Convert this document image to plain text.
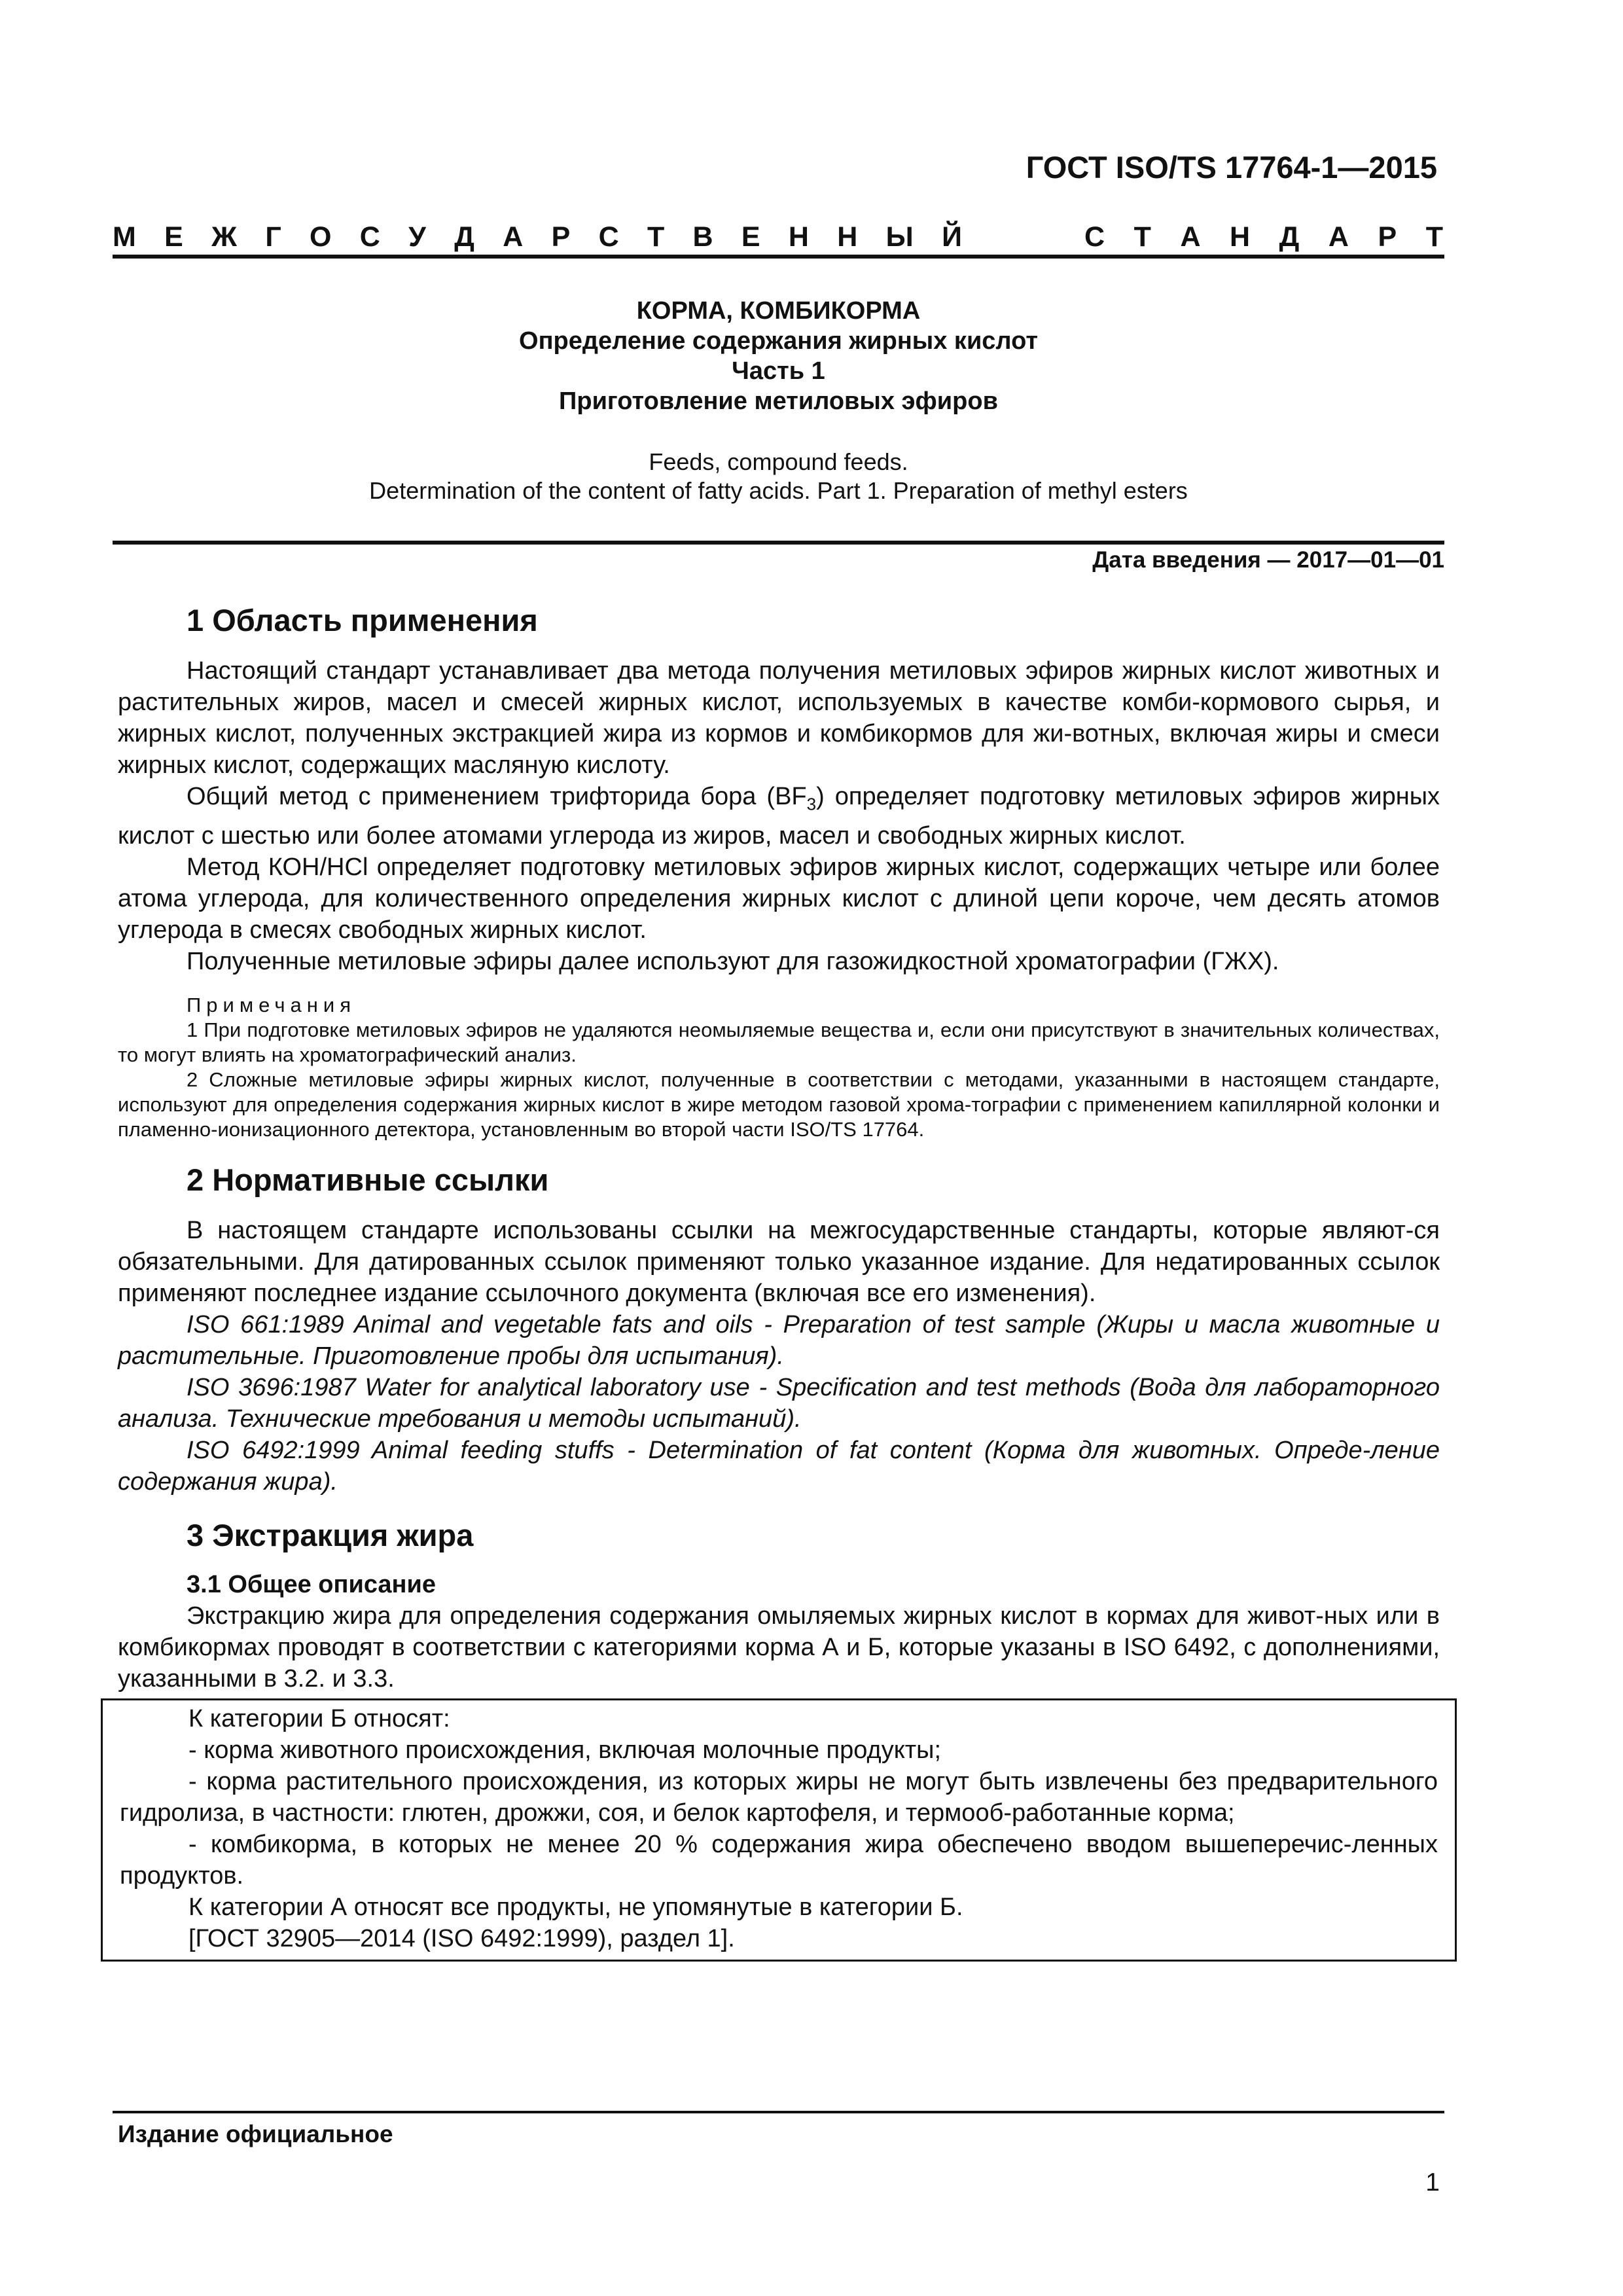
ГОСТ ISO/TS 17764-1—2015
М Е Ж Г О С У Д А Р С Т В Е Н Н Ы Й	С Т А Н Д А Р Т
КОРМА, КОМБИКОРМА
Определение содержания жирных кислот
Часть 1
Приготовление метиловых эфиров
Feeds, compound feeds.
Determination of the content of fatty acids. Part 1. Preparation of methyl esters
Дата введения — 2017—01—01
1 Область применения

Настоящий стандарт устанавливает два метода получения метиловых эфиров жирных кислот животных и растительных жиров, масел и смесей жирных кислот, используемых в качестве комби-кормового сырья, и жирных кислот, полученных экстракцией жира из кормов и комбикормов для жи-вотных, включая жиры и смеси жирных кислот, содержащих масляную кислоту.

Общий метод с применением трифторида бора $(BF_3)$ определяет подготовку метиловых эфиров жирных кислот с шестью или более атомами углерода из жиров, масел и свободных жирных кислот.

Метод КОН/HCl определяет подготовку метиловых эфиров жирных кислот, содержащих четыре или более атома углерода, для количественного определения жирных кислот с длиной цепи короче, чем десять атомов углерода в смесях свободных жирных кислот.

Полученные метиловые эфиры далее используют для газожидкостной хроматографии (ГЖХ).

Примечания

1 При подготовке метиловых эфиров не удаляются неомыляемые вещества и, если они присутствуют в значительных количествах, то могут влиять на хроматографический анализ.

2 Сложные метиловые эфиры жирных кислот, полученные в соответствии с методами, указанными в настоящем стандарте, используют для определения содержания жирных кислот в жире методом газовой хрома-тографии с применением капиллярной колонки и пламенно-ионизационного детектора, установленным во второй части ISO/TS 17764.

2 Нормативные ссылки

В настоящем стандарте использованы ссылки на межгосударственные стандарты, которые являют-ся обязательными. Для датированных ссылок применяют только указанное издание. Для недатированных ссылок применяют последнее издание ссылочного документа (включая все его изменения).

ISO 661:1989 Animal and vegetable fats and oils - Preparation of test sample (Жиры и масла животные и растительные. Приготовление пробы для испытания).

ISO 3696:1987 Water for analytical laboratory use - Specification and test methods (Вода для лабораторного анализа. Технические требования и методы испытаний).

ISO 6492:1999 Animal feeding stuffs - Determination of fat content (Корма для животных. Опреде-ление содержания жира).

3 Экстракция жира
3.1 Общее описание

Экстракцию жира для определения содержания омыляемых жирных кислот в кормах для живот-ных или в комбикормах проводят в соответствии с категориями корма А и Б, которые указаны в ISO 6492, с дополнениями, указанными в 3.2. и 3.3.

К категории Б относят:

- корма животного происхождения, включая молочные продукты;

- корма растительного происхождения, из которых жиры не могут быть извлечены без предварительного гидролиза, в частности: глютен, дрожжи, соя, и белок картофеля, и термооб-работанные корма;

- комбикорма, в которых не менее 20 % содержания жира обеспечено вводом вышеперечис-ленных продуктов.

К категории А относят все продукты, не упомянутые в категории Б.

[ГОСТ 32905—2014 (ISO 6492:1999), раздел 1].

Издание официальное
1
